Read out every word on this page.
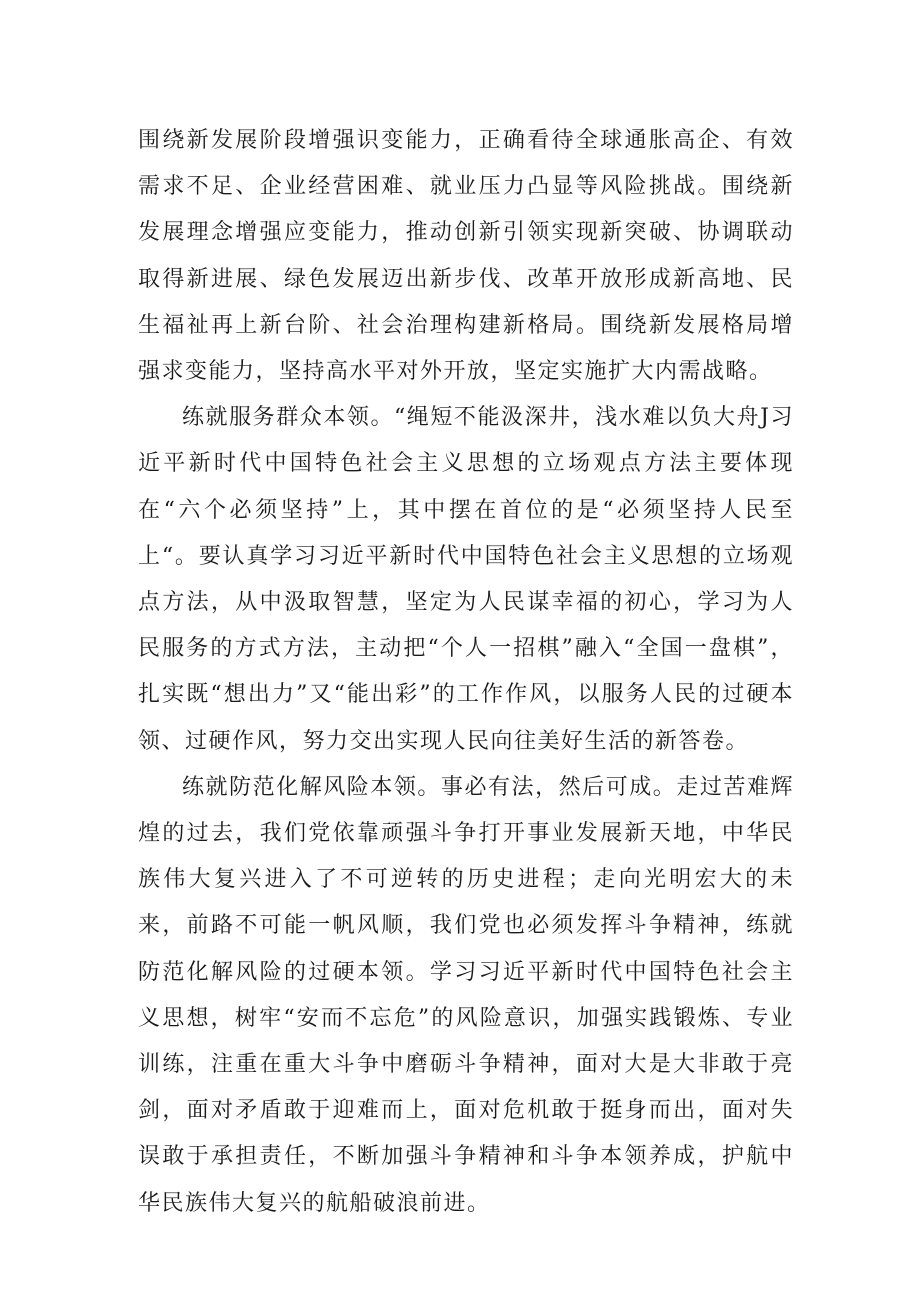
围绕新发展阶段增强识变能力，正确看待全球通胀高企、有效需求不足、企业经营困难、就业压力凸显等风险挑战。围绕新发展理念增强应变能力，推动创新引领实现新突破、协调联动取得新进展、绿色发展迈出新步伐、改革开放形成新高地、民生福祉再上新台阶、社会治理构建新格局。围绕新发展格局增强求变能力，坚持高水平对外开放，坚定实施扩大内需战略。

练就服务群众本领。“绳短不能汲深井，浅水难以负大舟J习近平新时代中国特色社会主义思想的立场观点方法主要体现在“六个必须坚持”上，其中摆在首位的是“必须坚持人民至上“。要认真学习习近平新时代中国特色社会主义思想的立场观点方法，从中汲取智慧，坚定为人民谋幸福的初心，学习为人民服务的方式方法，主动把“个人一招棋”融入“全国一盘棋”，扎实既“想出力”又“能出彩”的工作作风，以服务人民的过硬本领、过硬作风，努力交出实现人民向往美好生活的新答卷。

练就防范化解风险本领。事必有法，然后可成。走过苦难辉煌的过去，我们党依靠顽强斗争打开事业发展新天地，中华民族伟大复兴进入了不可逆转的历史进程；走向光明宏大的未来，前路不可能一帆风顺，我们党也必须发挥斗争精神，练就防范化解风险的过硬本领。学习习近平新时代中国特色社会主义思想，树牢“安而不忘危”的风险意识，加强实践锻炼、专业训练，注重在重大斗争中磨砺斗争精神，面对大是大非敢于亮剑，面对矛盾敢于迎难而上，面对危机敢于挺身而出，面对失误敢于承担责任，不断加强斗争精神和斗争本领养成，护航中华民族伟大复兴的航船破浪前进。
